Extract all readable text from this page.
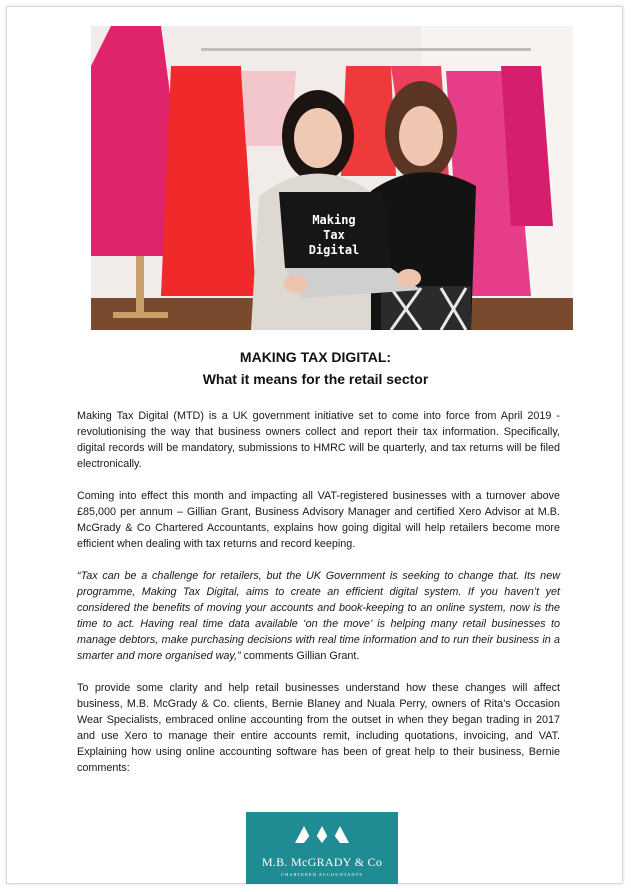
Making
Tax
Digital
MAKING TAX DIGITAL:
What it means for the retail sector

Making Tax Digital (MTD) is a UK government initiative set to come into force from April 2019 - revolutionising the way that business owners collect and report their tax information. Specifically, digital records will be mandatory, submissions to HMRC will be quarterly, and tax returns will be filed electronically.

Coming into effect this month and impacting all VAT-registered businesses with a turnover above £85,000 per annum – Gillian Grant, Business Advisory Manager and certified Xero Advisor at M.B. McGrady & Co Chartered Accountants, explains how going digital will help retailers become more efficient when dealing with tax returns and record keeping.

“Tax can be a challenge for retailers, but the UK Government is seeking to change that. Its new programme, Making Tax Digital, aims to create an efficient digital system. If you haven’t yet considered the benefits of moving your accounts and book-keeping to an online system, now is the time to act. Having real time data available ‘on the move’ is helping many retail businesses to manage debtors, make purchasing decisions with real time information and to run their business in a smarter and more organised way,” comments Gillian Grant.

To provide some clarity and help retail businesses understand how these changes will affect business, M.B. McGrady & Co. clients, Bernie Blaney and Nuala Perry, owners of Rita’s Occasion Wear Specialists, embraced online accounting from the outset in when they began trading in 2017 and use Xero to manage their entire accounts remit, including quotations, invoicing, and VAT. Explaining how using online accounting software has been of great help to their business, Bernie comments:

M.B. McGRADY & Co
CHARTERED ACCOUNTANTS
